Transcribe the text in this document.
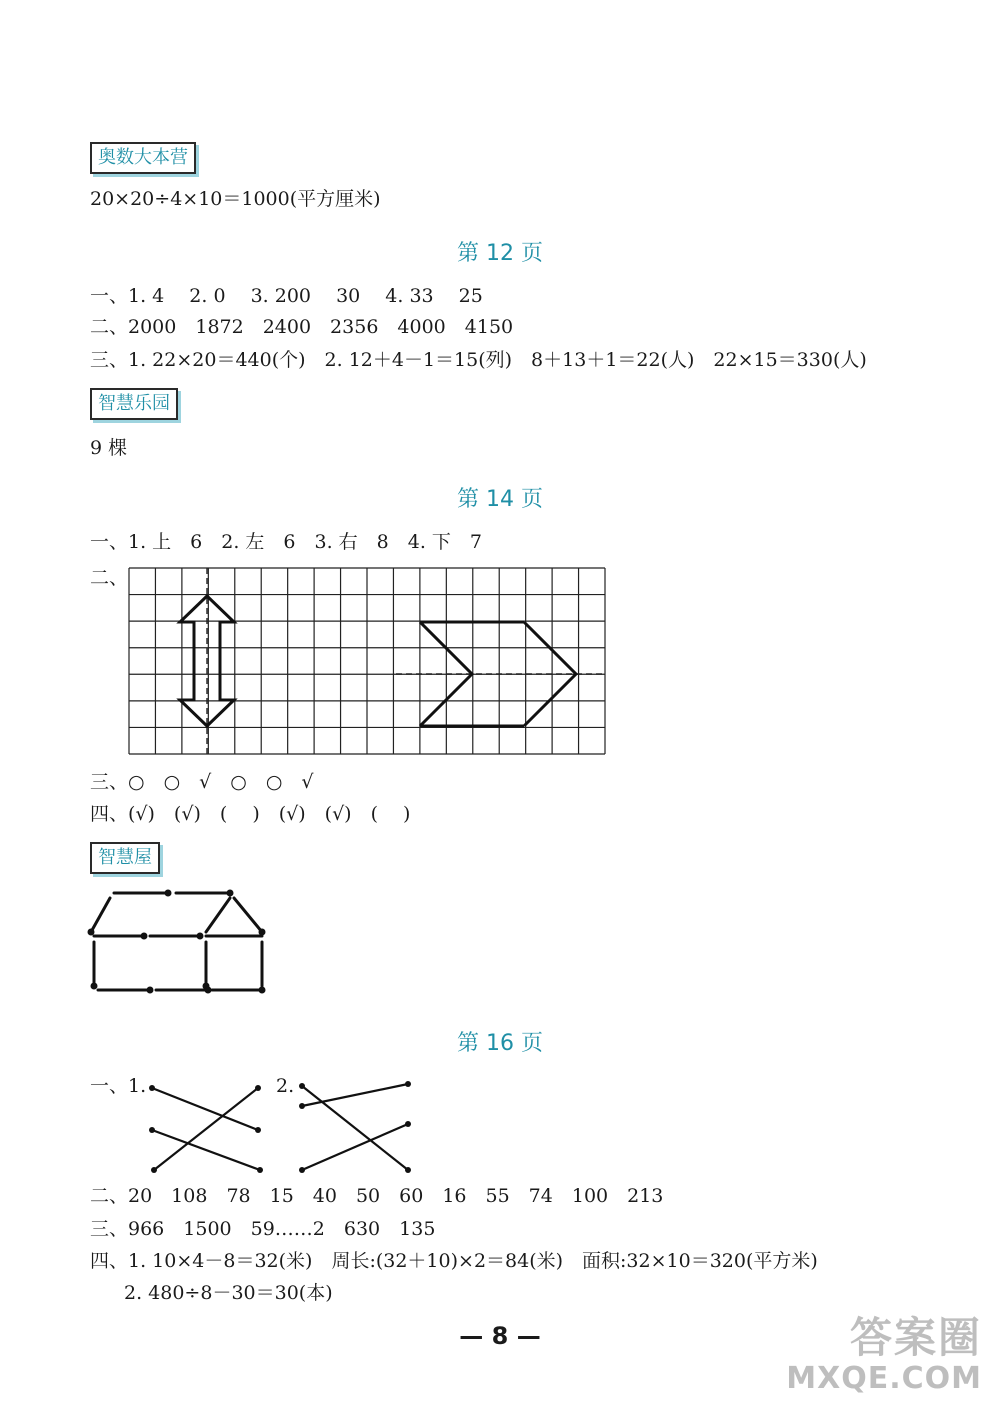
奥数大本营
20×20÷4×10＝1000(平方厘米)
第 12 页
一、1. 4　 2. 0　 3. 200　 30　 4. 33　 25
二、2000　1872　2400　2356　4000　4150
三、1. 22×20＝440(个)　2. 12＋4－1＝15(列)　8＋13＋1＝22(人)　22×15＝330(人)
智慧乐园
9 棵
第 14 页
一、1. 上　6　2. 左　6　3. 右　8　4. 下　7
二、
三、○　○　√　○　○　√
四、(√)　(√)　(　 )　(√)　(√)　(　 )
智慧屋
第 16 页
一、1.	2.
二、20　108　78　15　40　50　60　16　55　74　100　213
三、966　1500　59……2　630　135
四、1. 10×4－8＝32(米)　周长:(32＋10)×2＝84(米)　面积:32×10＝320(平方米)
2. 480÷8－30＝30(本)
— 8 —	答案圈
MXQE.COM
